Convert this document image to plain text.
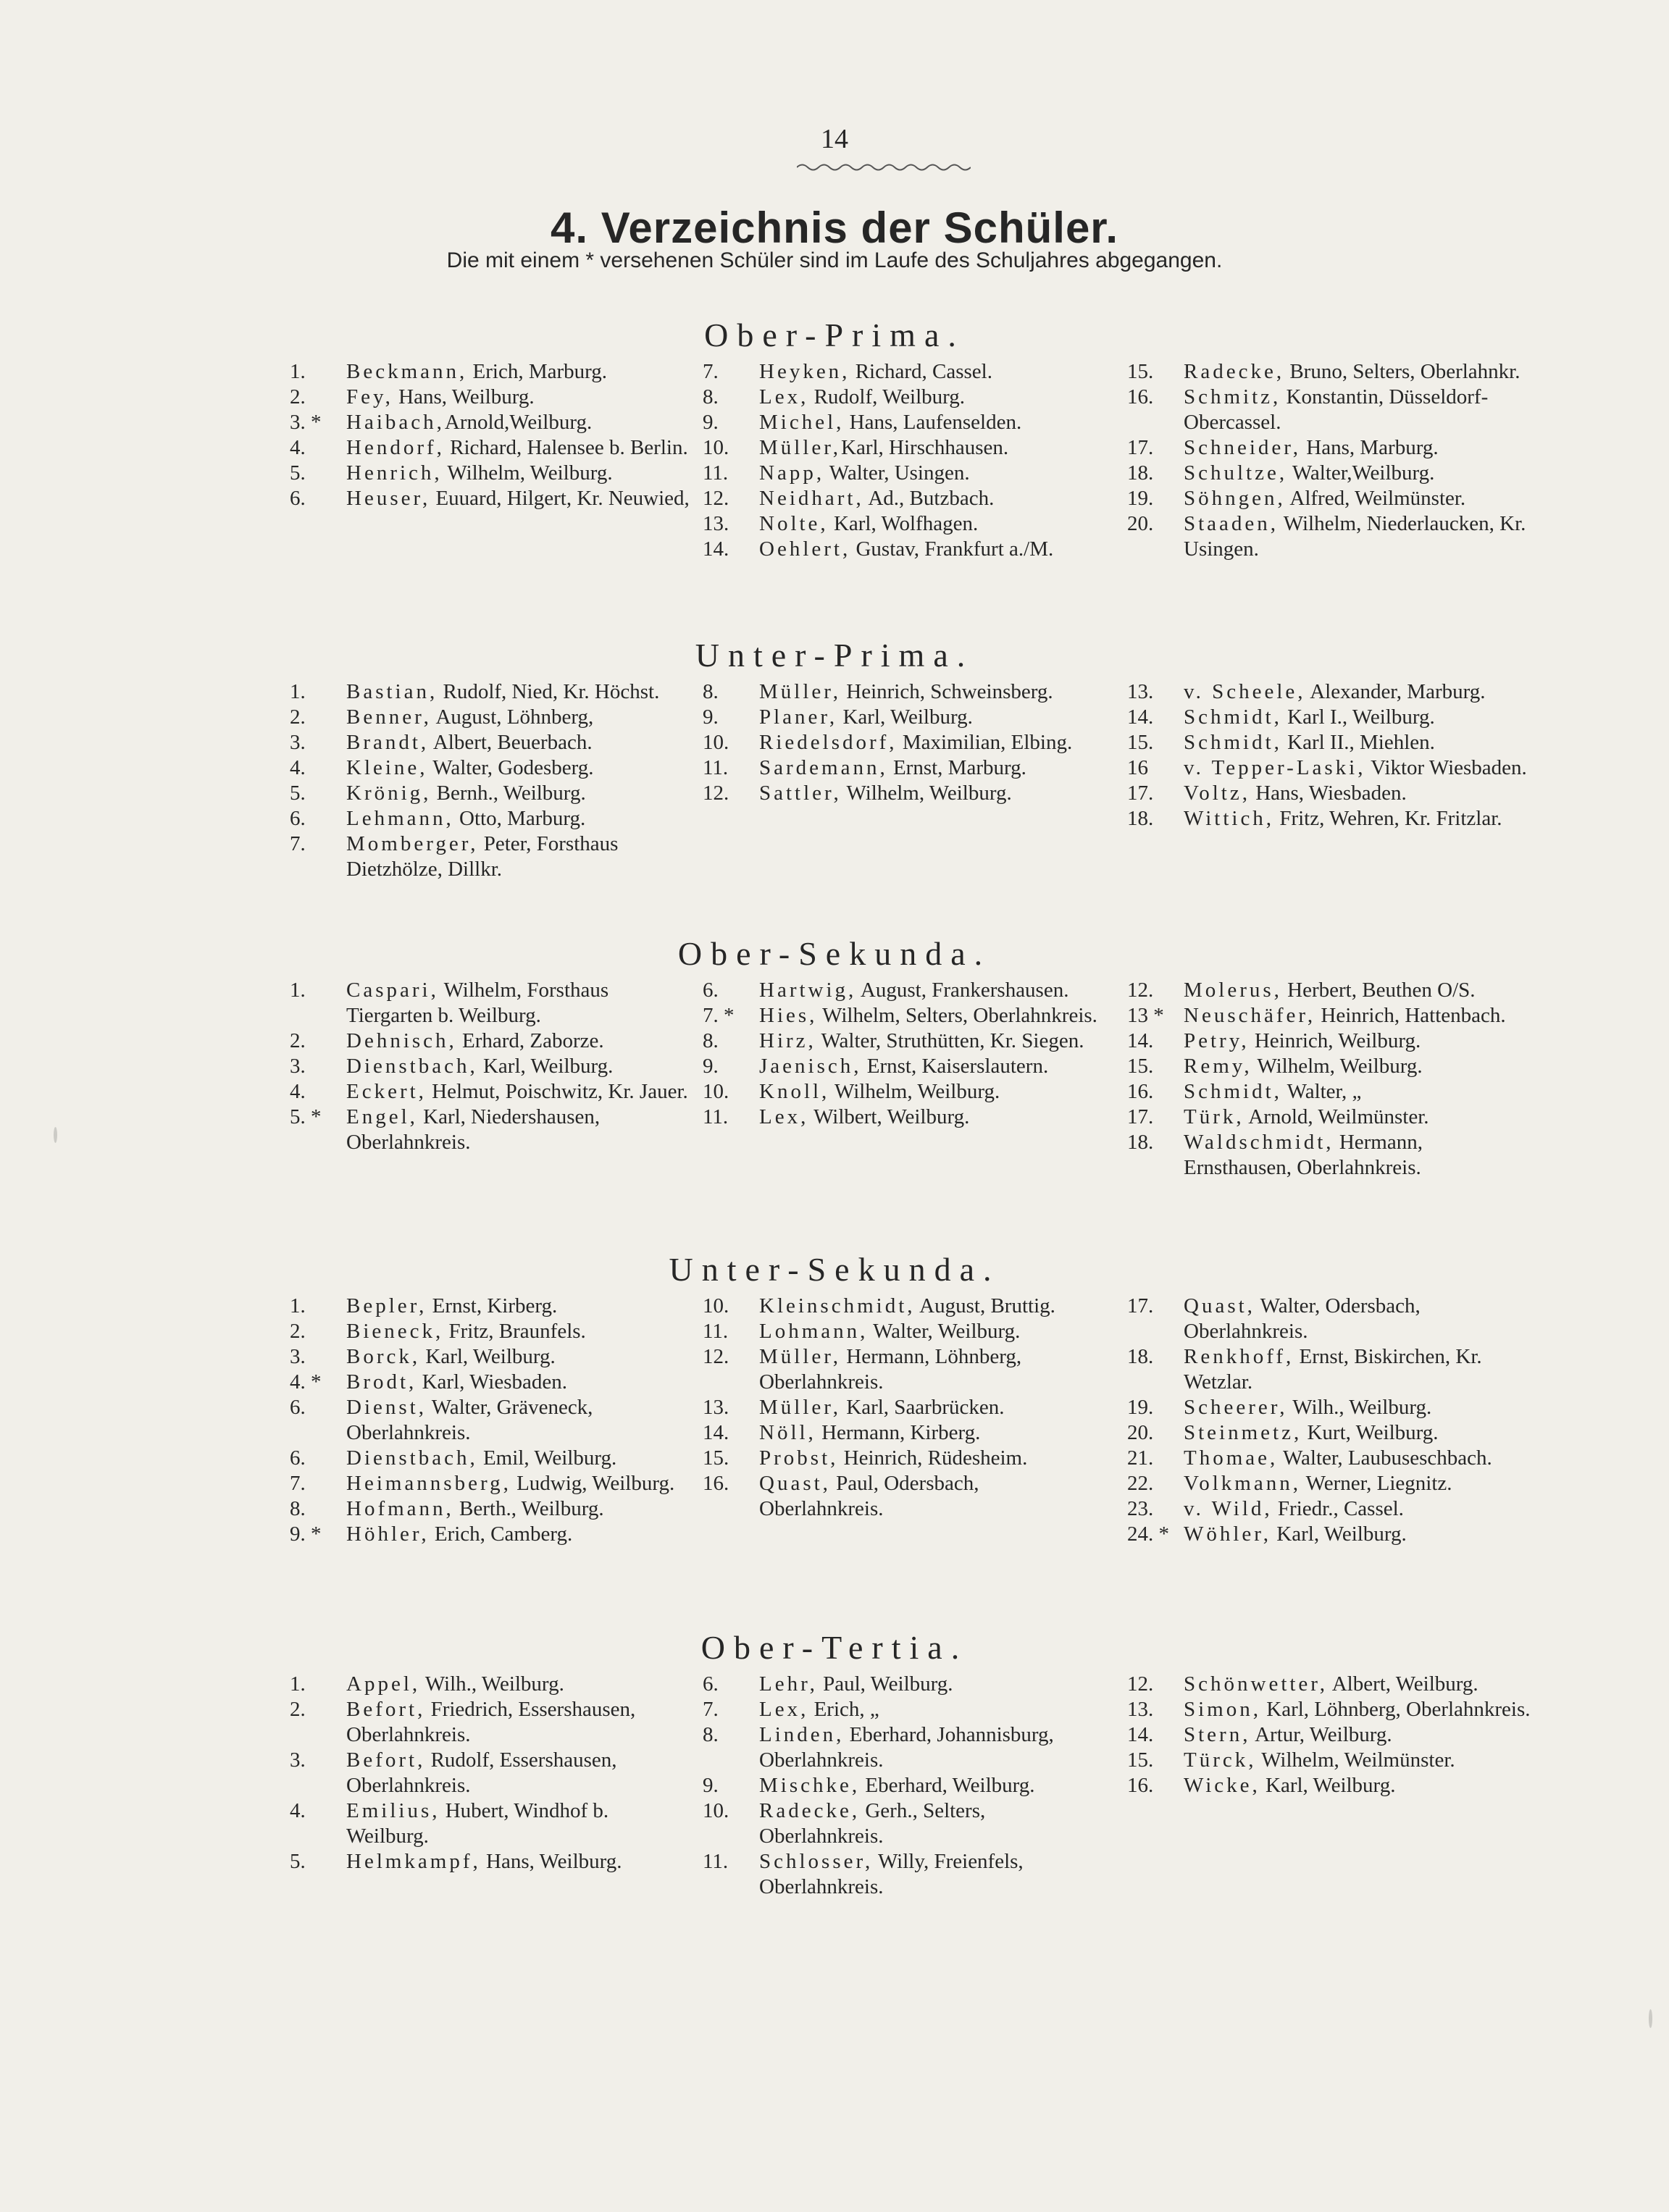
14
4. Verzeichnis der Schüler.
Die mit einem * versehenen Schüler sind im Laufe des Schuljahres abgegangen.
Ober-Prima.
1.	Beckmann, Erich, Marburg.
2.	Fey, Hans, Weilburg.
3. *	Haibach,Arnold,Weilburg.
4.	Hendorf, Richard, Halensee b. Berlin.
5.	Henrich, Wilhelm, Weilburg.
6.	Heuser, Euuard, Hilgert, Kr. Neuwied,
7.	Heyken, Richard, Cassel.
8.	Lex, Rudolf, Weilburg.
9.	Michel, Hans, Laufenselden.
10.	Müller,Karl, Hirschhausen.
11.	Napp, Walter, Usingen.
12.	Neidhart, Ad., Butzbach.
13.	Nolte, Karl, Wolfhagen.
14.	Oehlert, Gustav, Frankfurt a./M.
15.	Radecke, Bruno, Selters, Oberlahnkr.
16.	Schmitz, Konstantin, Düsseldorf-Obercassel.
17.	Schneider, Hans, Marburg.
18.	Schultze, Walter,Weilburg.
19.	Söhngen, Alfred, Weilmünster.
20.	Staaden, Wilhelm, Niederlaucken, Kr. Usingen.
Unter-Prima.
1.	Bastian, Rudolf, Nied, Kr. Höchst.
2.	Benner, August, Löhnberg,
3.	Brandt, Albert, Beuerbach.
4.	Kleine, Walter, Godesberg.
5.	Krönig, Bernh., Weilburg.
6.	Lehmann, Otto, Marburg.
7.	Momberger, Peter, Forsthaus Dietzhölze, Dillkr.
8.	Müller, Heinrich, Schweinsberg.
9.	Planer, Karl, Weilburg.
10.	Riedelsdorf, Maximilian, Elbing.
11.	Sardemann, Ernst, Marburg.
12.	Sattler, Wilhelm, Weilburg.
13.	v. Scheele, Alexander, Marburg.
14.	Schmidt, Karl I., Weilburg.
15.	Schmidt, Karl II., Miehlen.
16	v. Tepper-Laski, Viktor Wiesbaden.
17.	Voltz, Hans, Wiesbaden.
18.	Wittich, Fritz, Wehren, Kr. Fritzlar.
Ober-Sekunda.
1.	Caspari, Wilhelm, Forsthaus Tiergarten b. Weilburg.
2.	Dehnisch, Erhard, Zaborze.
3.	Dienstbach, Karl, Weilburg.
4.	Eckert, Helmut, Poischwitz, Kr. Jauer.
5. *	Engel, Karl, Niedershausen, Oberlahnkreis.
6.	Hartwig, August, Frankershausen.
7. *	Hies, Wilhelm, Selters, Oberlahnkreis.
8.	Hirz, Walter, Struthütten, Kr. Siegen.
9.	Jaenisch, Ernst, Kaiserslautern.
10.	Knoll, Wilhelm, Weilburg.
11.	Lex, Wilbert, Weilburg.
12.	Molerus, Herbert, Beuthen O/S.
13 * Neuschäfer, Heinrich, Hattenbach.
14.	Petry, Heinrich, Weilburg.
15.	Remy, Wilhelm, Weilburg.
16.	Schmidt, Walter, „
17.	Türk, Arnold, Weilmünster.
18.	Waldschmidt, Hermann, Ernsthausen, Oberlahnkreis.
Unter-Sekunda.
1.	Bepler, Ernst, Kirberg.
2.	Bieneck, Fritz, Braunfels.
3.	Borck, Karl, Weilburg.
4. *	Brodt, Karl, Wiesbaden.
6.	Dienst, Walter, Gräveneck, Oberlahnkreis.
6.	Dienstbach, Emil, Weilburg.
7.	Heimannsberg, Ludwig, Weilburg.
8.	Hofmann, Berth., Weilburg.
9. *	Höhler, Erich, Camberg.
10.	Kleinschmidt, August, Bruttig.
11.	Lohmann, Walter, Weilburg.
12.	Müller, Hermann, Löhnberg, Oberlahnkreis.
13.	Müller, Karl, Saarbrücken.
14.	Nöll, Hermann, Kirberg.
15.	Probst, Heinrich, Rüdesheim.
16.	Quast, Paul, Odersbach, Oberlahnkreis.
17.	Quast, Walter, Odersbach, Oberlahnkreis.
18.	Renkhoff, Ernst, Biskirchen, Kr. Wetzlar.
19.	Scheerer, Wilh., Weilburg.
20.	Steinmetz, Kurt, Weilburg.
21.	Thomae, Walter, Laubuseschbach.
22.	Volkmann, Werner, Liegnitz.
23.	v. Wild, Friedr., Cassel.
24. * Wöhler, Karl, Weilburg.
Ober-Tertia.
1.	Appel, Wilh., Weilburg.
2.	Befort, Friedrich, Essershausen, Oberlahnkreis.
3.	Befort, Rudolf, Essershausen, Oberlahnkreis.
4.	Emilius, Hubert, Windhof b. Weilburg.
5.	Helmkampf, Hans, Weilburg.
6.	Lehr, Paul, Weilburg.
7.	Lex, Erich, „
8.	Linden, Eberhard, Johannisburg, Oberlahnkreis.
9.	Mischke, Eberhard, Weilburg.
10.	Radecke, Gerh., Selters, Oberlahnkreis.
11.	Schlosser, Willy, Freienfels, Oberlahnkreis.
12.	Schönwetter, Albert, Weilburg.
13.	Simon, Karl, Löhnberg, Oberlahnkreis.
14.	Stern, Artur, Weilburg.
15.	Türck, Wilhelm, Weilmünster.
16.	Wicke, Karl, Weilburg.
